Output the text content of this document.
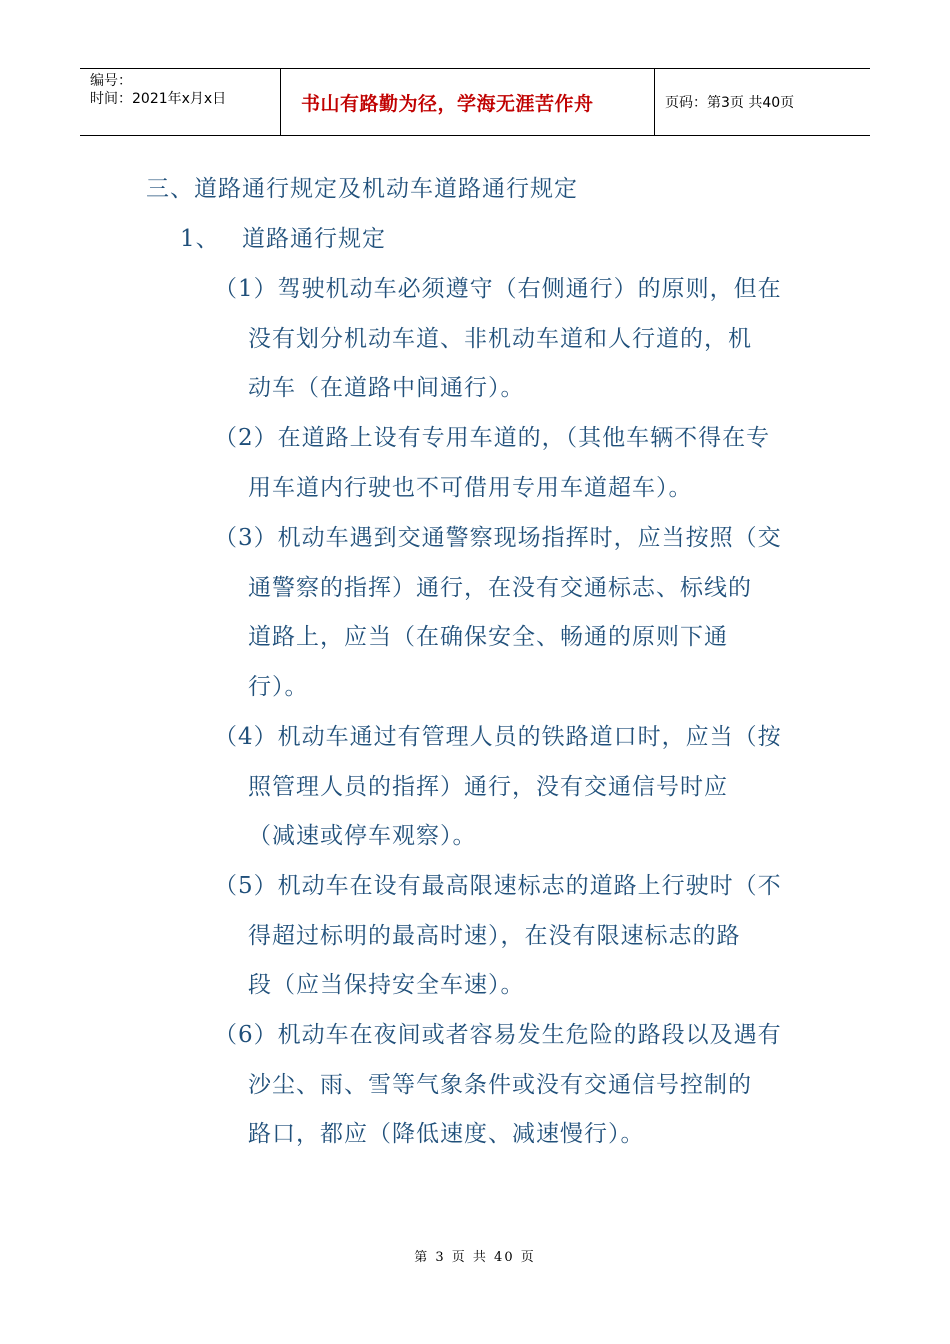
编号：
时间：2021年x月x日	书山有路勤为径，学海无涯苦作舟	页码：第3页 共40页
三、道路通行规定及机动车道路通行规定
1、 道路通行规定
（1）驾驶机动车必须遵守（右侧通行）的原则，但在
没有划分机动车道、非机动车道和人行道的，机
动车（在道路中间通行）。
（2）在道路上设有专用车道的，（其他车辆不得在专
用车道内行驶也不可借用专用车道超车）。
（3）机动车遇到交通警察现场指挥时，应当按照（交
通警察的指挥）通行，在没有交通标志、标线的
道路上，应当（在确保安全、畅通的原则下通
行）。
（4）机动车通过有管理人员的铁路道口时，应当（按
照管理人员的指挥）通行，没有交通信号时应
（减速或停车观察）。
（5）机动车在设有最高限速标志的道路上行驶时（不
得超过标明的最高时速），在没有限速标志的路
段（应当保持安全车速）。
（6）机动车在夜间或者容易发生危险的路段以及遇有
沙尘、雨、雪等气象条件或没有交通信号控制的
路口，都应（降低速度、减速慢行）。
第 3 页 共 40 页
